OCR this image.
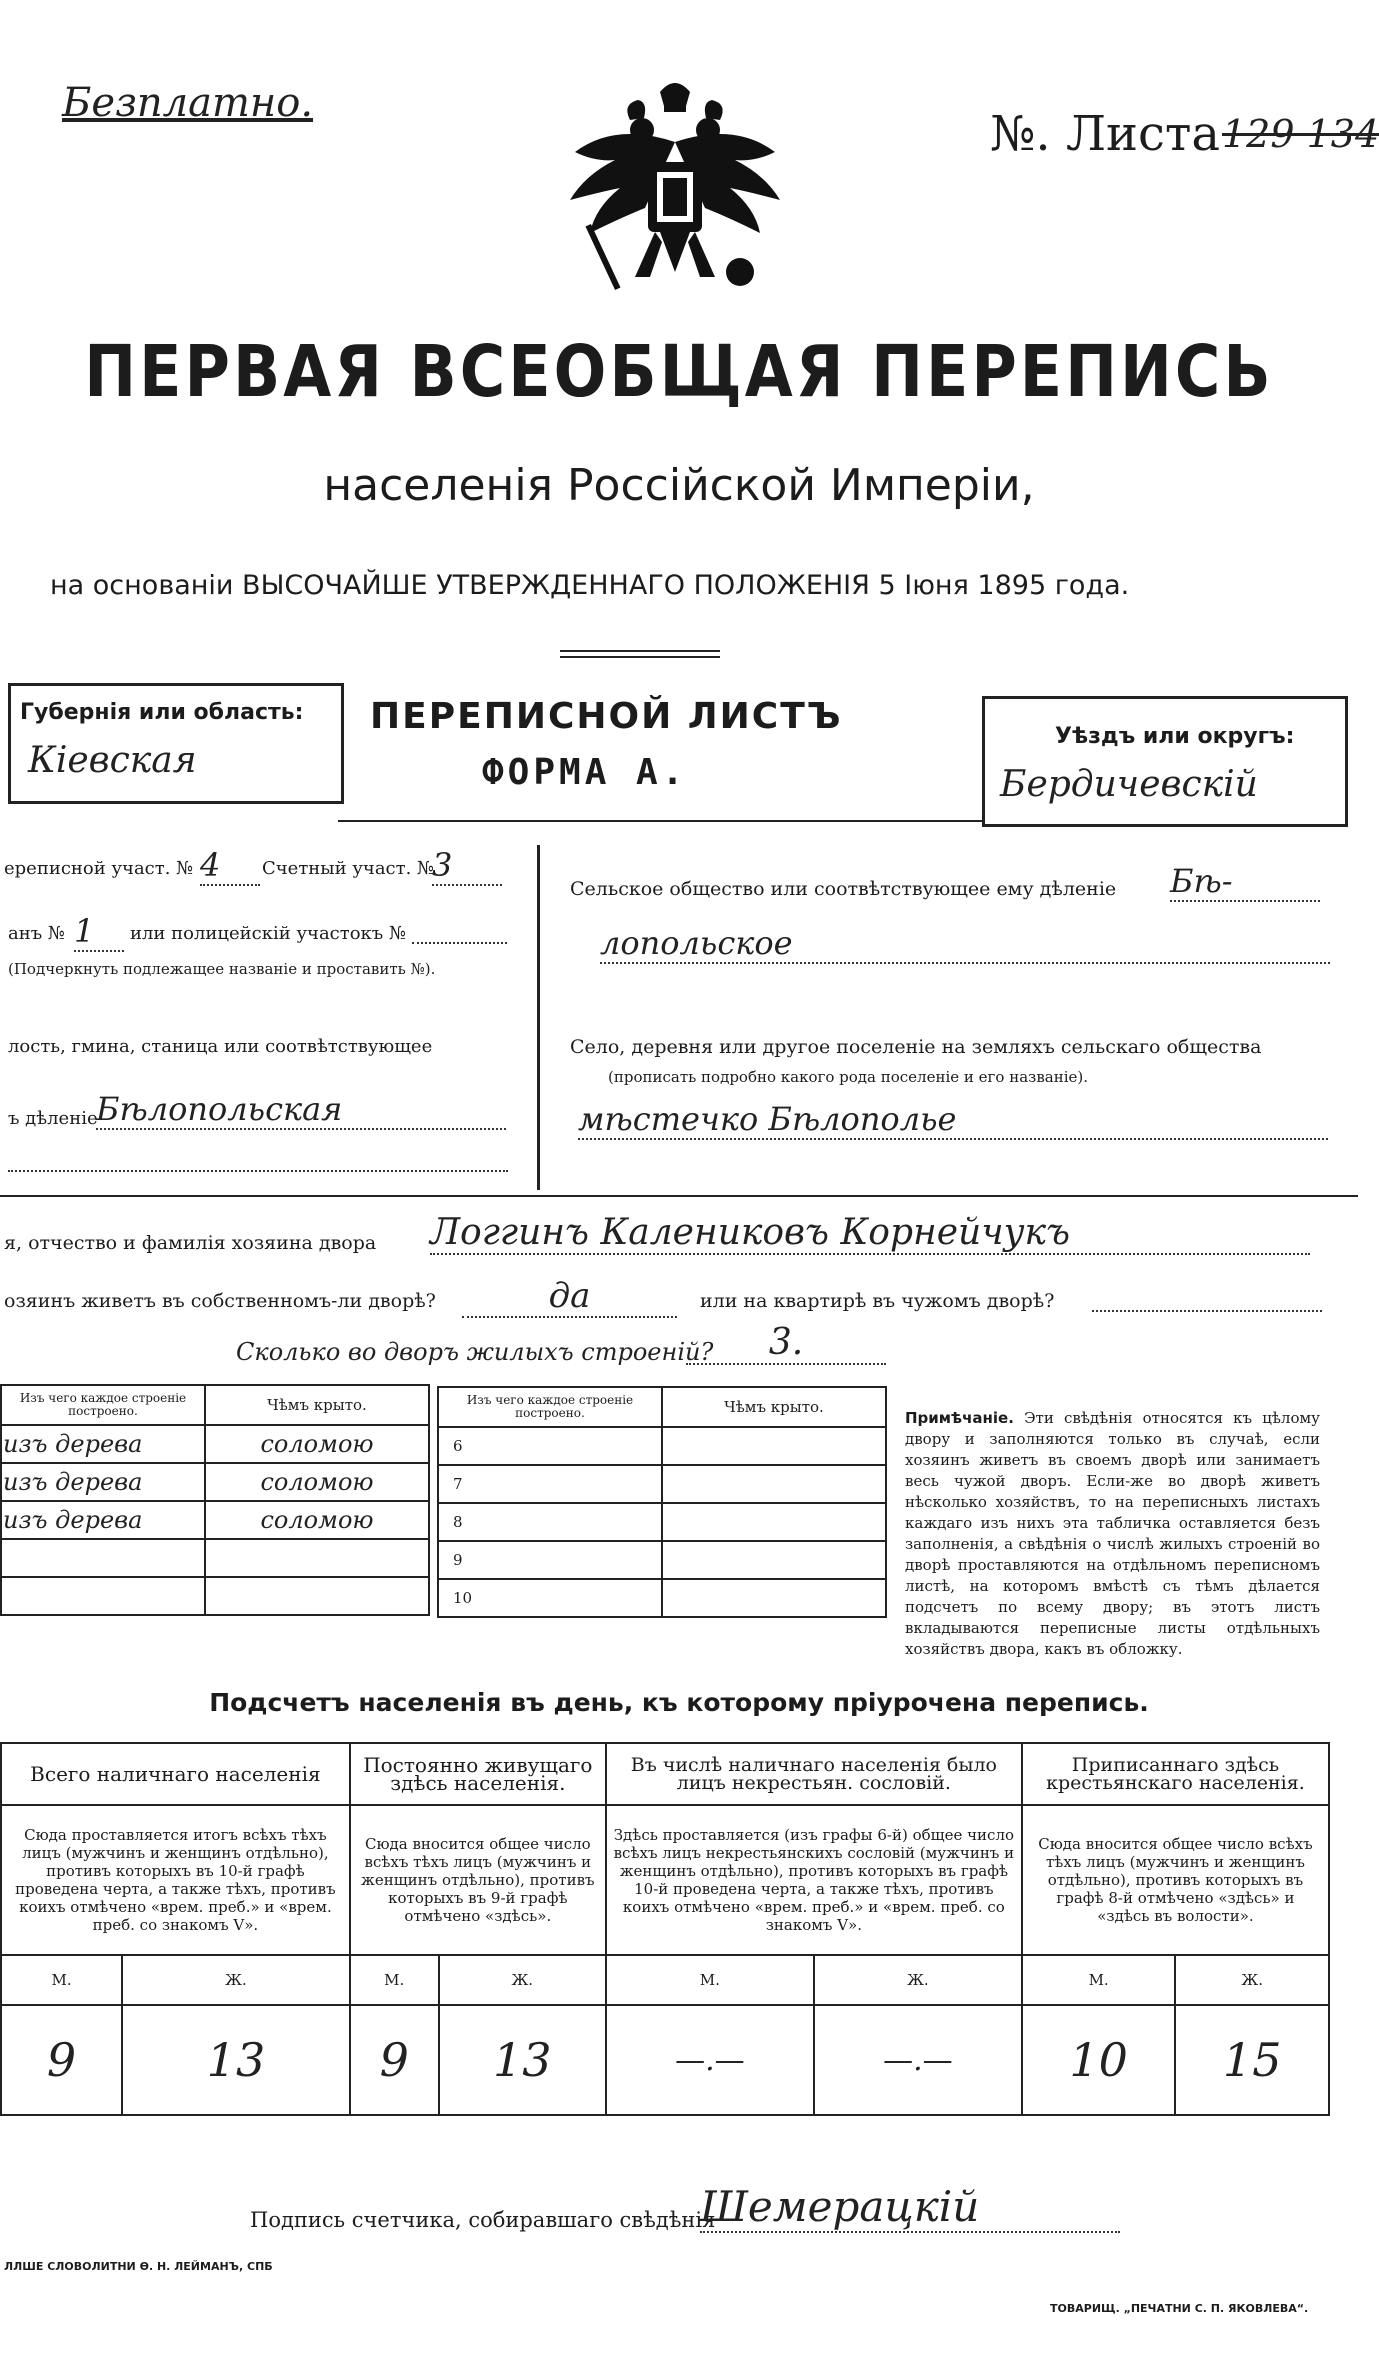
Безплатно.
№. Листа 129 134
ПЕРВАЯ ВСЕОБЩАЯ ПЕРЕПИСЬ
населенія Россійской Имперіи,
на основаніи ВЫСОЧАЙШЕ УТВЕРЖДЕННАГО ПОЛОЖЕНІЯ 5 Іюня 1895 года.
Губернія или область:
Кіевская
ПЕРЕПИСНОЙ ЛИСТЪ
ФОРМА А.
Уѣздъ или округъ:
Бердичевскій
ереписной участ. № 4	Счетный участ. №
3
анъ № 1	или полицейскій участокъ №
(Подчеркнуть подлежащее названіе и проставить №).
лость, гмина, станица или соотвѣтствующее
ъ дѣленіе
Бѣлопольская
Сельское общество или соотвѣтствующее ему дѣленіе Бѣ-
лопольское
Село, деревня или другое поселеніе на земляхъ сельскаго общества
(прописать подробно какого рода поселеніе и его названіе).
мѣстечко Бѣлополье
я, отчество и фамилія хозяина двора Логгинъ Калениковъ Корнейчукъ
озяинъ живетъ въ собственномъ-ли дворѣ?	да	или на квартирѣ въ чужомъ дворѣ?
Сколько во дворъ жилыхъ строеній?	3.
Изъ чего каждое строеніе построено.	Чѣмъ крыто.
изъ дерева	соломою
изъ дерева	соломою
изъ дерева	соломою

Изъ чего каждое строеніе построено.	Чѣмъ крыто.
6	
7	
8	
9	
10	
Примѣчаніе. Эти свѣдѣнія относятся къ цѣлому двору и заполняются только въ случаѣ, если хозяинъ живетъ въ своемъ дворѣ или занимаетъ весь чужой дворъ. Если-же во дворѣ живетъ нѣсколько хозяйствъ, то на переписныхъ листахъ каждаго изъ нихъ эта табличка оставляется безъ заполненія, а свѣдѣнія о числѣ жилыхъ строеній во дворѣ проставляются на отдѣльномъ переписномъ листѣ, на которомъ вмѣстѣ съ тѣмъ дѣлается подсчетъ по всему двору; въ этотъ листъ вкладываются переписные листы отдѣльныхъ хозяйствъ двора, какъ въ обложку.
Подсчетъ населенія въ день, къ которому пріурочена перепись.
Всего наличнаго населенія		Постоянно живущаго здѣсь населенія.		Въ числѣ наличнаго населенія было лицъ некрестьян. сословій.		Приписаннаго здѣсь крестьянскаго населенія.	
Сюда проставляется итогъ всѣхъ тѣхъ лицъ (мужчинъ и женщинъ отдѣльно), противъ которыхъ въ 10-й графѣ проведена черта, а также тѣхъ, противъ коихъ отмѣчено «врем. преб.» и «врем. преб. со знакомъ V».		Сюда вносится общее число всѣхъ тѣхъ лицъ (мужчинъ и женщинъ отдѣльно), противъ которыхъ въ 9-й графѣ отмѣчено «здѣсь».		Здѣсь проставляется (изъ графы 6-й) общее число всѣхъ лицъ некрестьянскихъ сословій (мужчинъ и женщинъ отдѣльно), противъ которыхъ въ графѣ 10-й проведена черта, а также тѣхъ, противъ коихъ отмѣчено «врем. преб.» и «врем. преб. со знакомъ V».		Сюда вносится общее число всѣхъ тѣхъ лицъ (мужчинъ и женщинъ отдѣльно), противъ которыхъ въ графѣ 8-й отмѣчено «здѣсь» и «здѣсь въ волости».	
М.	Ж.	М.	Ж.	М.	Ж.	М.	Ж.
9	13	9	13	—.—	—.—	10	15
Подпись счетчика, собиравшаго свѣдѣнія
Шемерацкій
ЛЛШЕ СЛОВОЛИТНИ Ѳ. Н. ЛЕЙМАНЪ, СПБ
ТОВАРИЩ. „ПЕЧАТНИ С. П. ЯКОВЛЕВА“.
